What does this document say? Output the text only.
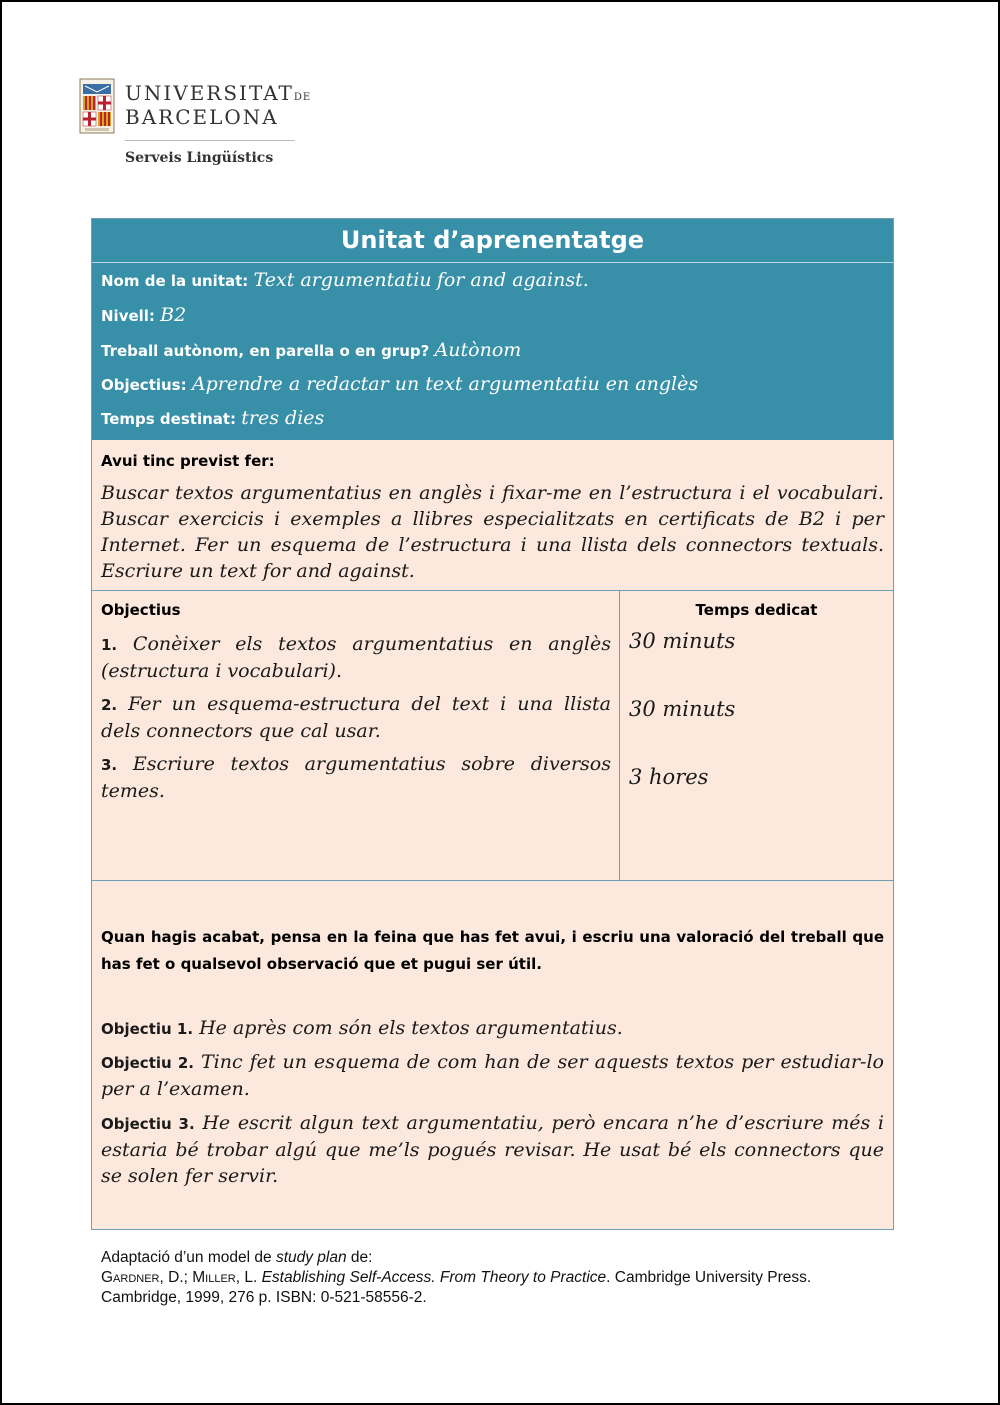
UNIVERSITATDE
BARCELONA
Serveis Lingüístics
Unitat d’aprenentatge
Nom de la unitat: Text argumentatiu for and against.
Nivell: B2
Treball autònom, en parella o en grup? Autònom
Objectius: Aprendre a redactar un text argumentatiu en anglès
Temps destinat: tres dies
Avui tinc previst fer:
Buscar textos argumentatius en anglès i fixar-me en l’estructura i el vocabulari. Buscar exercicis i exemples a llibres especialitzats en certificats de B2 i per Internet. Fer un esquema de l’estructura i una llista dels connectors textuals. Escriure un text for and against.
Objectius	Temps dedicat
1. Conèixer els textos argumentatius en anglès (estructura i vocabulari).
30 minuts
2. Fer un esquema-estructura del text i una llista dels connectors que cal usar.
30 minuts
3. Escriure textos argumentatius sobre diversos temes.
3 hores
Quan hagis acabat, pensa en la feina que has fet avui, i escriu una valoració del treball que has fet o qualsevol observació que et pugui ser útil.
Objectiu 1. He après com són els textos argumentatius.
Objectiu 2. Tinc fet un esquema de com han de ser aquests textos per estudiar-lo per a l’examen.
Objectiu 3. He escrit algun text argumentatiu, però encara n’he d’escriure més i estaria bé trobar algú que me’ls pogués revisar. He usat bé els connectors que se solen fer servir.
Adaptació d’un model de study plan de:
Gardner, D.; Miller, L. Establishing Self-Access. From Theory to Practice. Cambridge University Press. Cambridge, 1999, 276 p. ISBN: 0-521-58556-2.
